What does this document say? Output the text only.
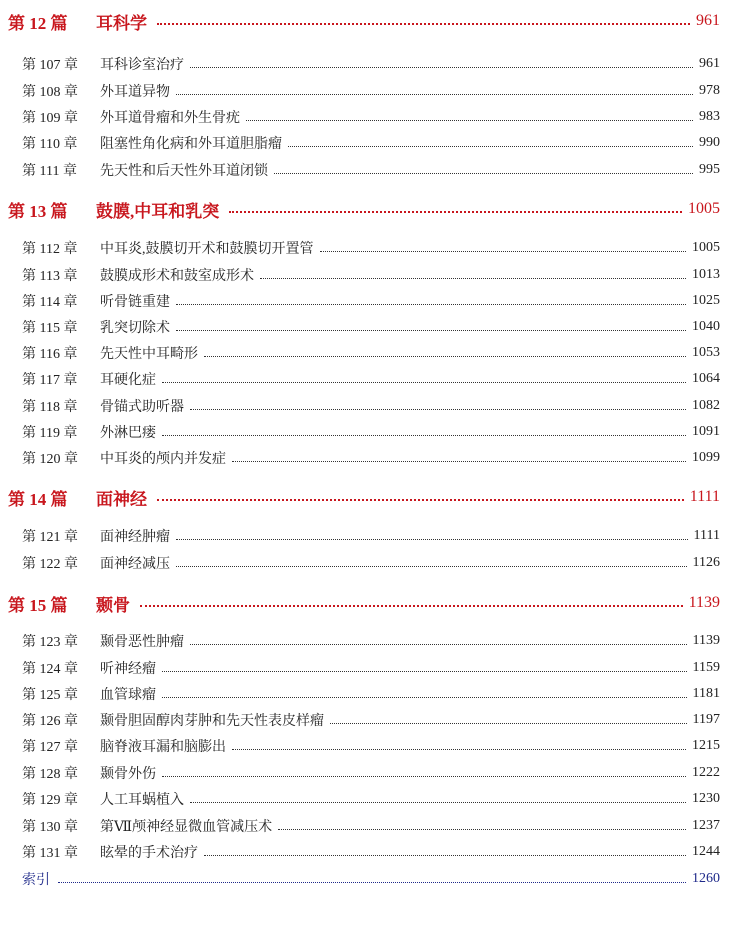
第 12 篇	耳科学	961
第 107 章	耳科诊室治疗	961
第 108 章	外耳道异物	978
第 109 章	外耳道骨瘤和外生骨疣	983
第 110 章	阻塞性角化病和外耳道胆脂瘤	990
第 111 章	先天性和后天性外耳道闭锁	995
第 13 篇	鼓膜,中耳和乳突	1005
第 112 章	中耳炎,鼓膜切开术和鼓膜切开置管	1005
第 113 章	鼓膜成形术和鼓室成形术	1013
第 114 章	听骨链重建	1025
第 115 章	乳突切除术	1040
第 116 章	先天性中耳畸形	1053
第 117 章	耳硬化症	1064
第 118 章	骨锚式助听器	1082
第 119 章	外淋巴瘘	1091
第 120 章	中耳炎的颅内并发症	1099
第 14 篇	面神经	1111
第 121 章	面神经肿瘤	1111
第 122 章	面神经减压	1126
第 15 篇	颞骨	1139
第 123 章	颞骨恶性肿瘤	1139
第 124 章	听神经瘤	1159
第 125 章	血管球瘤	1181
第 126 章	颞骨胆固醇肉芽肿和先天性表皮样瘤	1197
第 127 章	脑脊液耳漏和脑膨出	1215
第 128 章	颞骨外伤	1222
第 129 章	人工耳蜗植入	1230
第 130 章	第Ⅶ颅神经显微血管减压术	1237
第 131 章	眩晕的手术治疗	1244
索引	1260
